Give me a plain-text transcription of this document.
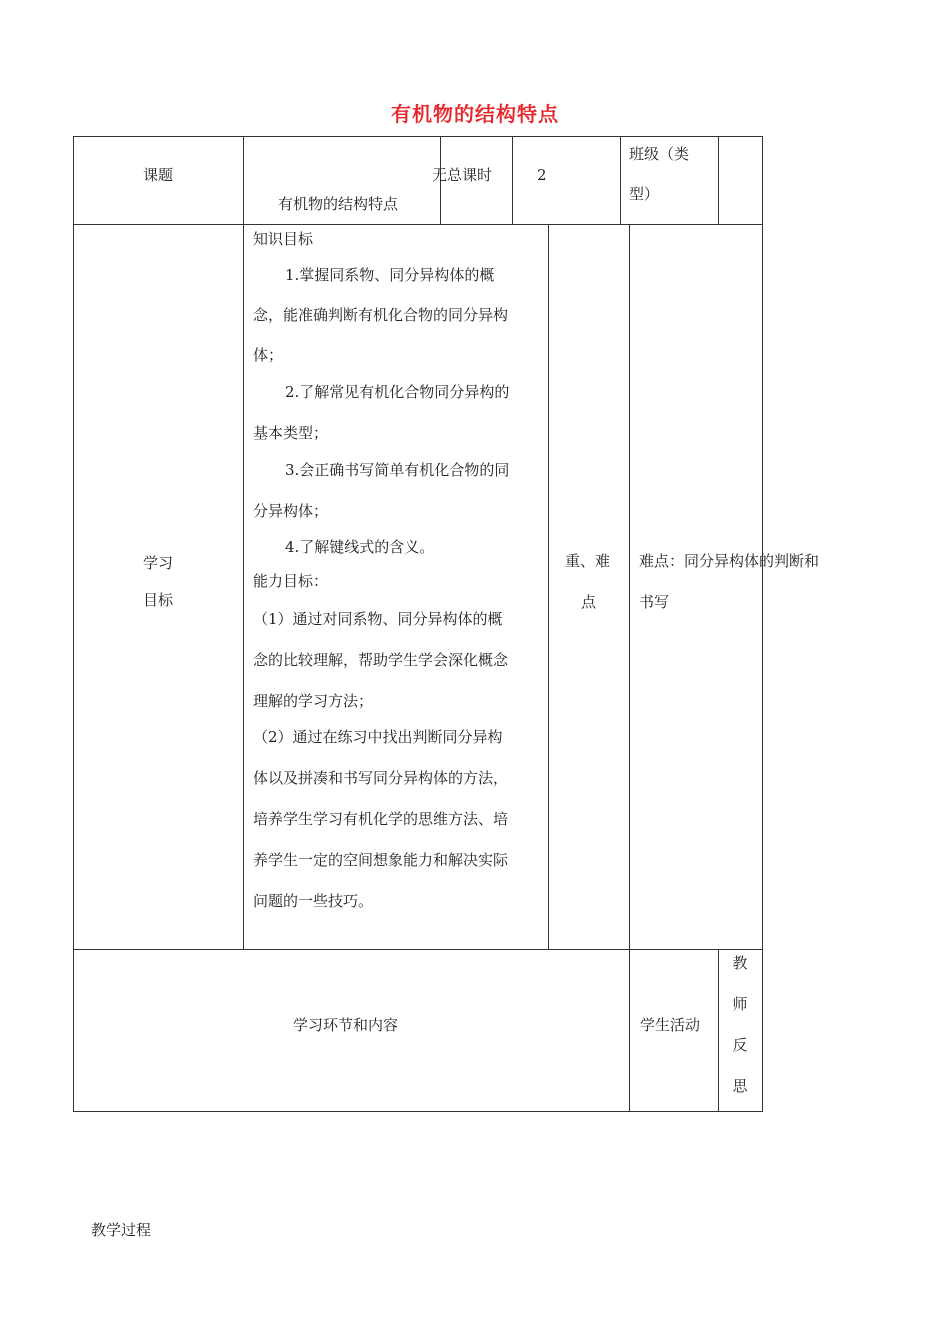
有机物的结构特点
课题
有机物的结构特点
无总课时	2
班级（类
型）
学习
目标
知识目标
1.掌握同系物、同分异构体的概
念，能准确判断有机化合物的同分异构
体；
2.了解常见有机化合物同分异构的
基本类型；
3.会正确书写简单有机化合物的同
分异构体；
4.了解键线式的含义。
能力目标：
（1）通过对同系物、同分异构体的概
念的比较理解，帮助学生学会深化概念
理解的学习方法；
（2）通过在练习中找出判断同分异构
体以及拼凑和书写同分异构体的方法，
培养学生学习有机化学的思维方法、培
养学生一定的空间想象能力和解决实际
问题的一些技巧。
重、难
点
难点：同分异构体的判断和
书写
学习环节和内容	学生活动
教
师
反
思
教学过程
